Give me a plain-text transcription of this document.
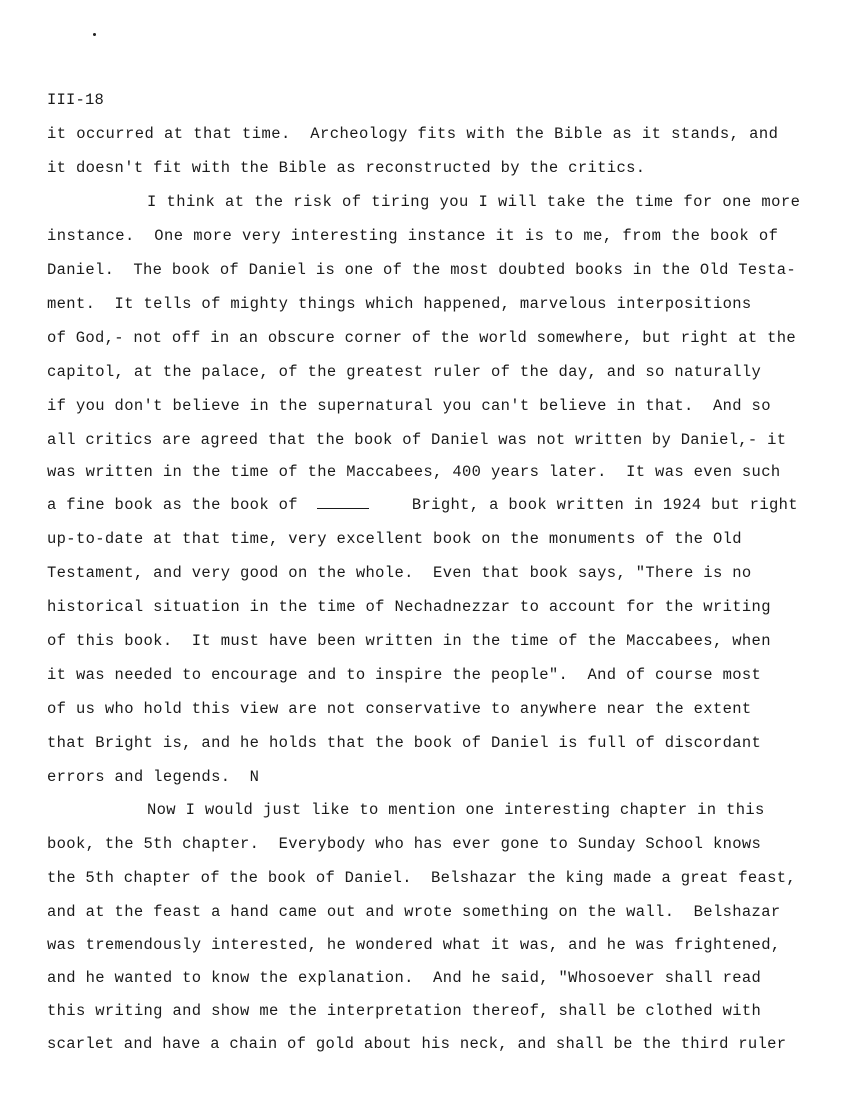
III-18
it occurred at that time.  Archeology fits with the Bible as it stands, and
it doesn't fit with the Bible as reconstructed by the critics.
I think at the risk of tiring you I will take the time for one more
instance.  One more very interesting instance it is to me, from the book of
Daniel.  The book of Daniel is one of the most doubted books in the Old Testa-
ment.  It tells of mighty things which happened, marvelous interpositions
of God,- not off in an obscure corner of the world somewhere, but right at the
capitol, at the palace, of the greatest ruler of the day, and so naturally
if you don't believe in the supernatural you can't believe in that.  And so
all critics are agreed that the book of Daniel was not written by Daniel,- it
was written in the time of the Maccabees, 400 years later.  It was even such
a fine book as the book of	Bright, a book written in 1924 but right
up-to-date at that time, very excellent book on the monuments of the Old
Testament, and very good on the whole.  Even that book says, "There is no
historical situation in the time of Nechadnezzar to account for the writing
of this book.  It must have been written in the time of the Maccabees, when
it was needed to encourage and to inspire the people".  And of course most
of us who hold this view are not conservative to anywhere near the extent
that Bright is, and he holds that the book of Daniel is full of discordant
errors and legends.  N
Now I would just like to mention one interesting chapter in this
book, the 5th chapter.  Everybody who has ever gone to Sunday School knows
the 5th chapter of the book of Daniel.  Belshazar the king made a great feast,
and at the feast a hand came out and wrote something on the wall.  Belshazar
was tremendously interested, he wondered what it was, and he was frightened,
and he wanted to know the explanation.  And he said, "Whosoever shall read
this writing and show me the interpretation thereof, shall be clothed with
scarlet and have a chain of gold about his neck, and shall be the third ruler
